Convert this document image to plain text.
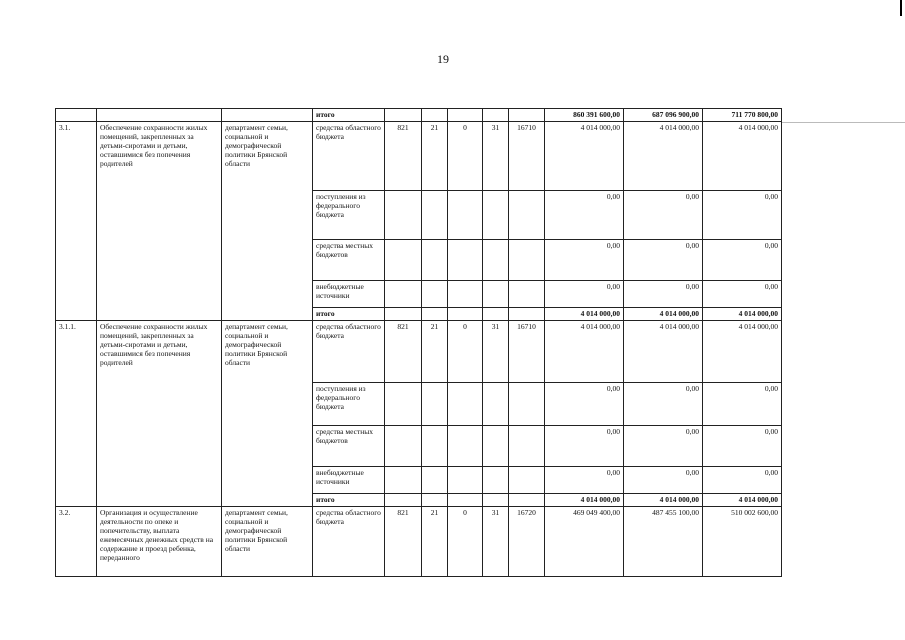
19
			итого						860 391 600,00	687 096 900,00	711 770 800,00
3.1.	Обеспечение сохранности жилых помещений, закрепленных за детьми-сиротами и детьми, оставшимися без попечения родителей	департамент семьи, социальной и демографической политики Брянской области	средства областного бюджета	821	21	0	31	16710	4 014 000,00	4 014 000,00	4 014 000,00
			поступления из федерального бюджета						0,00	0,00	0,00
			средства местных бюджетов						0,00	0,00	0,00
			внебюджетные источники						0,00	0,00	0,00
			итого						4 014 000,00	4 014 000,00	4 014 000,00
3.1.1.	Обеспечение сохранности жилых помещений, закрепленных за детьми-сиротами и детьми, оставшимися без попечения родителей	департамент семьи, социальной и демографической политики Брянской области	средства областного бюджета	821	21	0	31	16710	4 014 000,00	4 014 000,00	4 014 000,00
			поступления из федерального бюджета						0,00	0,00	0,00
			средства местных бюджетов						0,00	0,00	0,00
			внебюджетные источники						0,00	0,00	0,00
			итого						4 014 000,00	4 014 000,00	4 014 000,00
3.2.	Организация и осуществление деятельности по опеке и попечительству, выплата ежемесячных денежных средств на содержание и проезд ребенка, переданного	департамент семьи, социальной и демографической политики Брянской области	средства областного бюджета	821	21	0	31	16720	469 049 400,00	487 455 100,00	510 002 600,00
